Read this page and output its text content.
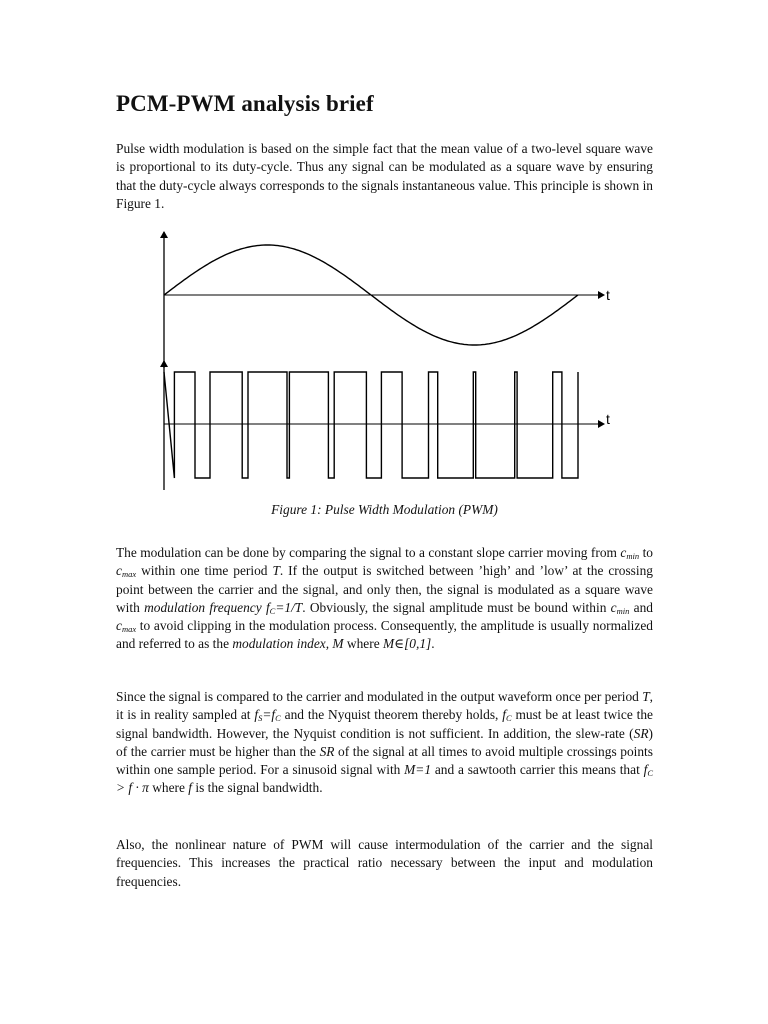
PCM-PWM analysis brief

Pulse width modulation is based on the simple fact that the mean value of a two-level square wave is proportional to its duty-cycle. Thus any signal can be modulated as a square wave by ensuring that the duty-cycle always corresponds to the signals instantaneous value. This principle is shown in Figure 1.

t
t
Figure 1: Pulse Width Modulation (PWM)

The modulation can be done by comparing the signal to a constant slope carrier moving from $c_{min}$ to $c_{max}$ within one time period T. If the output is switched between ’high’ and ’low’ at the crossing point between the carrier and the signal, and only then, the signal is modulated as a square wave with modulation frequency $f_C=1/T$. Obviously, the signal amplitude must be bound within $c_{min}$ and $c_{max}$ to avoid clipping in the modulation process. Consequently, the amplitude is usually normalized and referred to as the modulation index, M where M∈[0,1].

Since the signal is compared to the carrier and modulated in the output waveform once per period T, it is in reality sampled at $f_S=f_C$ and the Nyquist theorem thereby holds, $f_C$ must be at least twice the signal bandwidth. However, the Nyquist condition is not sufficient. In addition, the slew-rate (SR) of the carrier must be higher than the SR of the signal at all times to avoid multiple crossings points within one sample period. For a sinusoid signal with M=1 and a sawtooth carrier this means that $f_C > f \cdot \pi$ where f is the signal bandwidth.

Also, the nonlinear nature of PWM will cause intermodulation of the carrier and the signal frequencies. This increases the practical ratio necessary between the input and modulation frequencies.
